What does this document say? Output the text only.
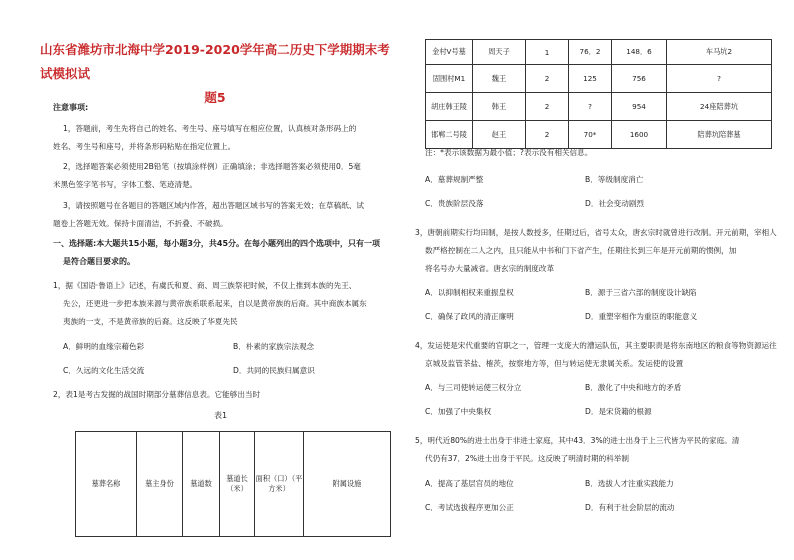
山东省潍坊市北海中学2019-2020学年高二历史下学期期末考试模拟试

题5
注意事项:
1，答题前，考生先将自己的姓名、考生号、座号填写在相应位置，认真核对条形码上的
姓名、考生号和座号，并将条形码粘贴在指定位置上。
2，选择题答案必须使用2B铅笔（按填涂样例）正确填涂；非选择题答案必须使用0．5毫
米黑色签字笔书写，字体工整、笔迹清楚。
3，请按照题号在各题目的答题区域内作答，超出答题区域书写的答案无效；在草稿纸、试
题卷上答题无效。保持卡面清洁，不折叠、不破损。
一、选择题:本大题共15小题，每小题3分，共45分。在每小题列出的四个选项中，只有一项
是符合题目要求的。
1，据《国语·鲁语上》记述，有虞氏和夏、商、周三族祭祀时候，不仅上推到本族的先王、
先公，还更进一步把本族来源与黄帝族系联系起来，自以是黄帝族的后裔。其中商族本属东
夷族的一支，不是黄帝族的后裔。这反映了华夏先民
A．鲜明的血缘宗藉色彩	B．朴素的家族宗法观念
C．久远的文化生活交流	D．共同的民族归属意识
2，表1是考古发掘的战国时期部分墓葬信息表。它能够出当时
表1
墓葬名称	墓主身份	墓道数	墓道长（米）	面积（口）（平方米）	附属设施
金村Ⅴ号墓	周天子	1	76．2	148．6	车马坑2
固围村M1	魏王	2	125	756	?
胡庄韩王陵	韩王	2	?	954	24座陪葬坑
邯郸二号陵	赵王	2	70*	1600	陪葬坑陪葬墓
注：*表示该数据为最小值；?表示没有相关信息。
A．墓葬规制严整	B．等级制度消亡
C．贵族阶层没落	D．社会变动剧烈
3，唐朝前期实行均田制，是按人数授多，任期过后，省号太众，唐玄宗时就曾进行改制。开元前期，宰相人
数严格控制在二人之内，且只能从中书和门下省产生，任期往长到三年是开元前期的惯例，加
将名号办大量减省。唐玄宗的制度改革
A．以抑制相权来重振皇权	B．源于三省六部的制度设计缺陷
C．确保了政风的清正廉明	D．重塑宰相作为重臣的职能意义
4，发运使是宋代重要的官职之一，管理一支庞大的漕运队伍，其主要职责是将东南地区的粮食等物资源运往
京城及监管茶盐、榷茨，按察地方等，但与转运使无隶属关系。发运使的设置
A．与三司使转运使三权分立	B．激化了中央和地方的矛盾
C．加强了中央集权	D．是宋货籍的根源
5，明代近80%的进士出身于非进士家庭，其中43．3%的进士出身于上三代皆为平民的家庭。清
代仍有37．2%进士出身于平民。这反映了明清时期的科举制
A．提高了基层官员的地位	B．选拔人才注重实践能力
C．考试选拔程序更加公正	D．有利于社会阶层的流动
